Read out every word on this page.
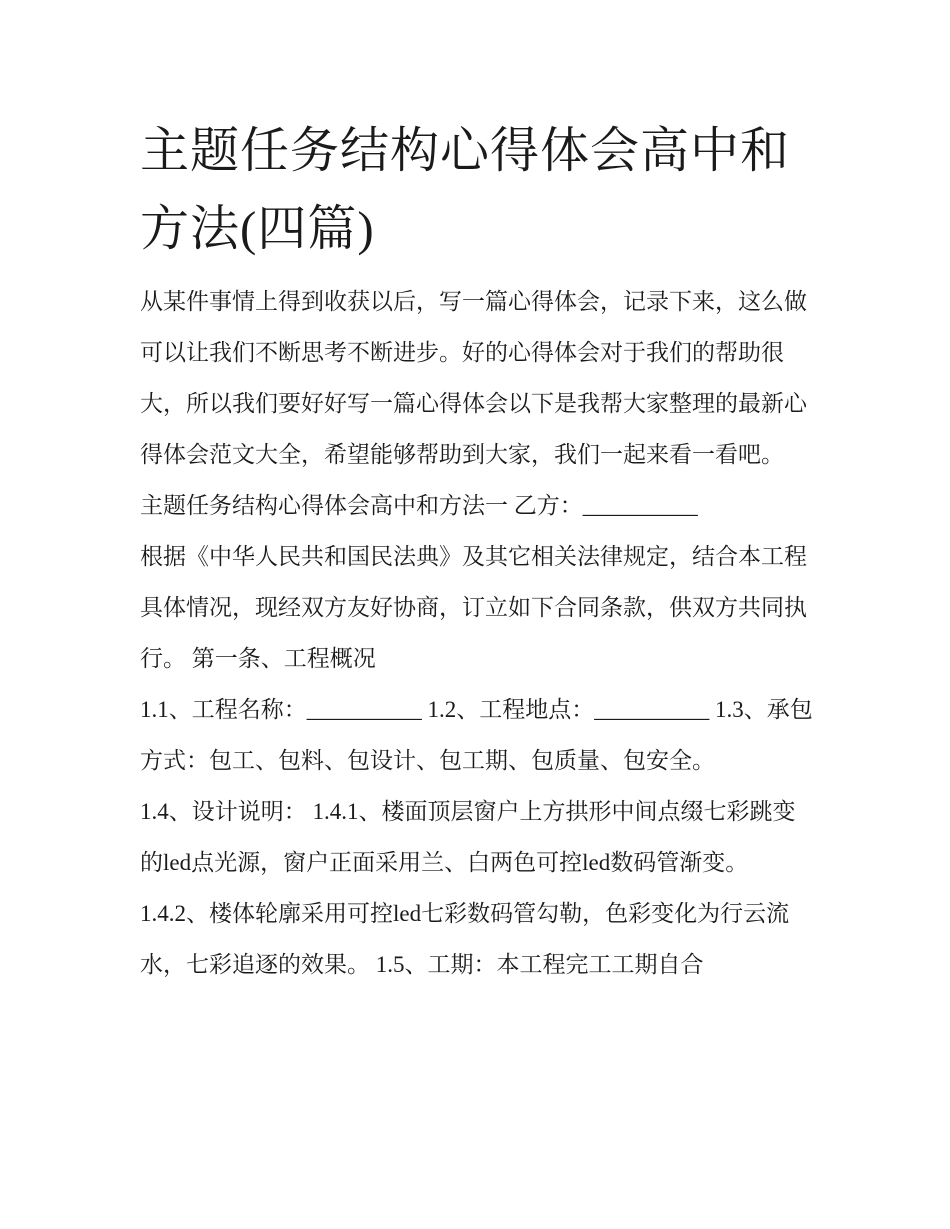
主题任务结构心得体会高中和方法(四篇)

从某件事情上得到收获以后，写一篇心得体会，记录下来，这么做可以让我们不断思考不断进步。好的心得体会对于我们的帮助很大，所以我们要好好写一篇心得体会以下是我帮大家整理的最新心得体会范文大全，希望能够帮助到大家，我们一起来看一看吧。

主题任务结构心得体会高中和方法一 乙方：__________

根据《中华人民共和国民法典》及其它相关法律规定，结合本工程具体情况，现经双方友好协商，订立如下合同条款，供双方共同执行。 第一条、工程概况

1.1、工程名称：__________ 1.2、工程地点：__________ 1.3、承包方式：包工、包料、包设计、包工期、包质量、包安全。

1.4、设计说明： 1.4.1、楼面顶层窗户上方拱形中间点缀七彩跳变的led点光源，窗户正面采用兰、白两色可控led数码管渐变。

1.4.2、楼体轮廓采用可控led七彩数码管勾勒，色彩变化为行云流水，七彩追逐的效果。 1.5、工期：本工程完工工期自合
